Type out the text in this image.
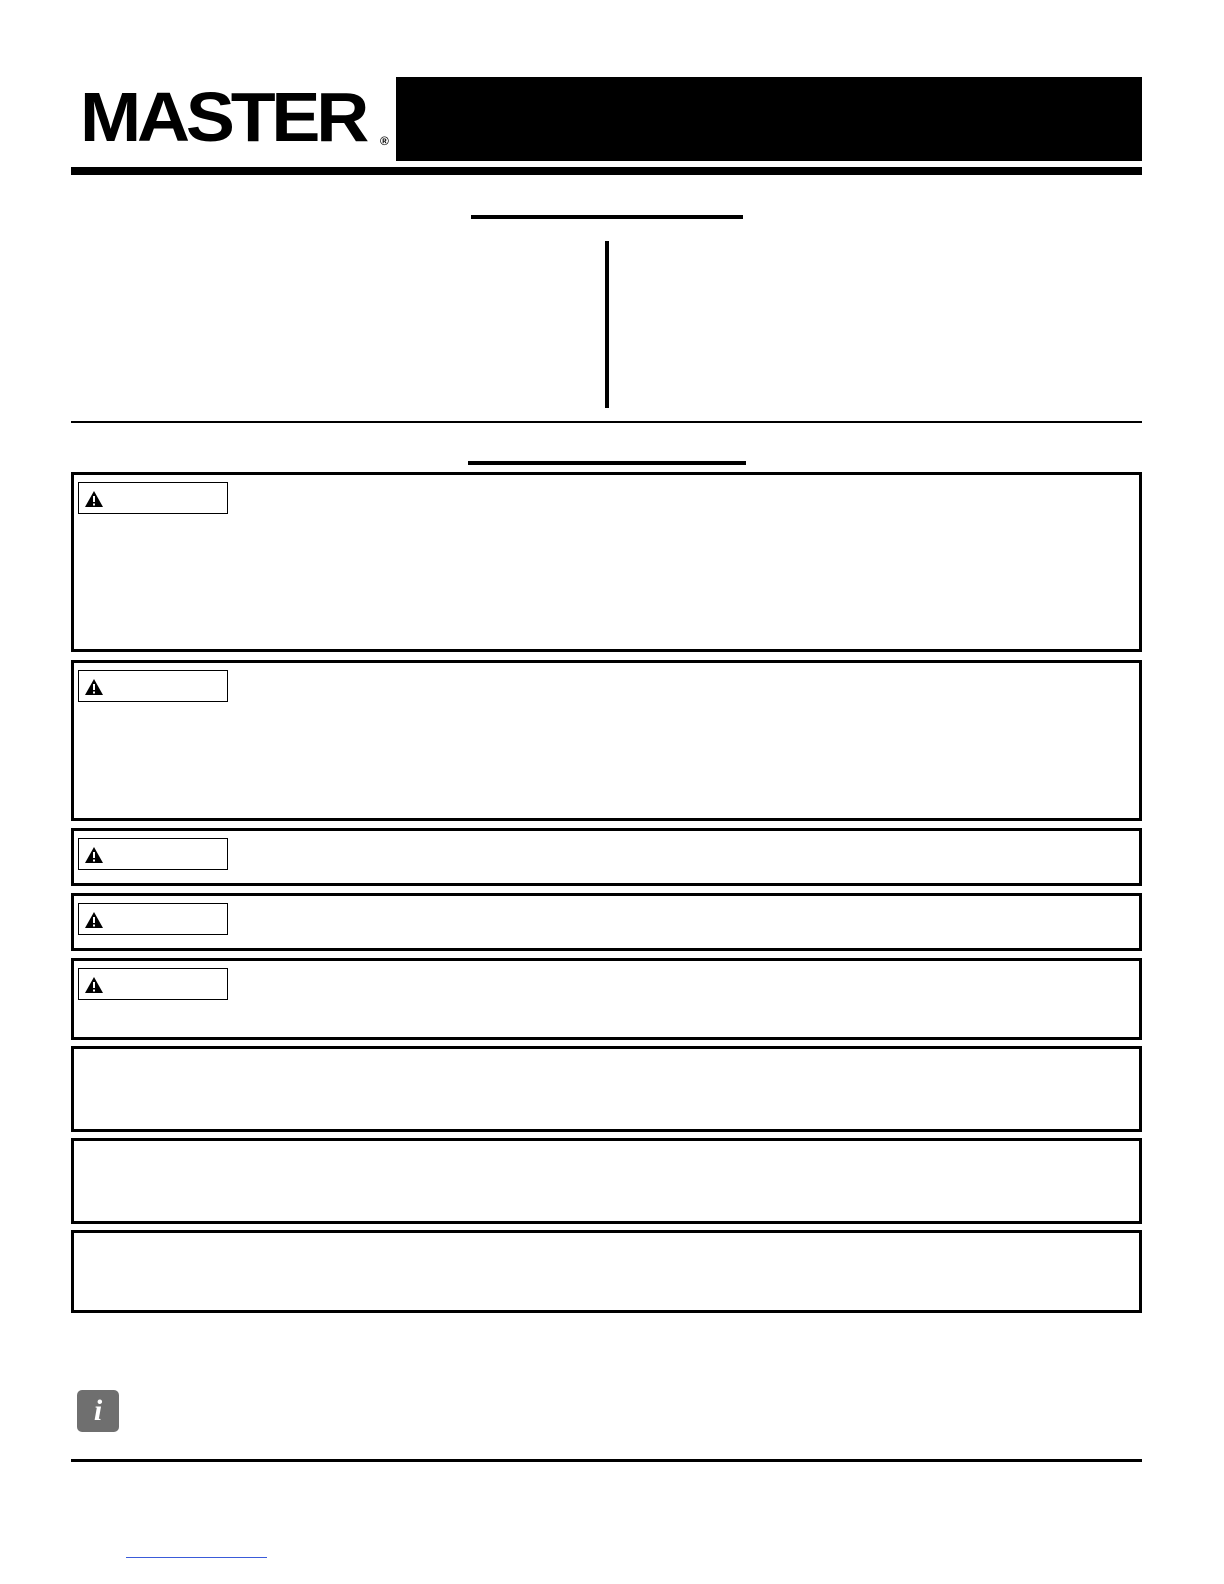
MASTER ®
i
